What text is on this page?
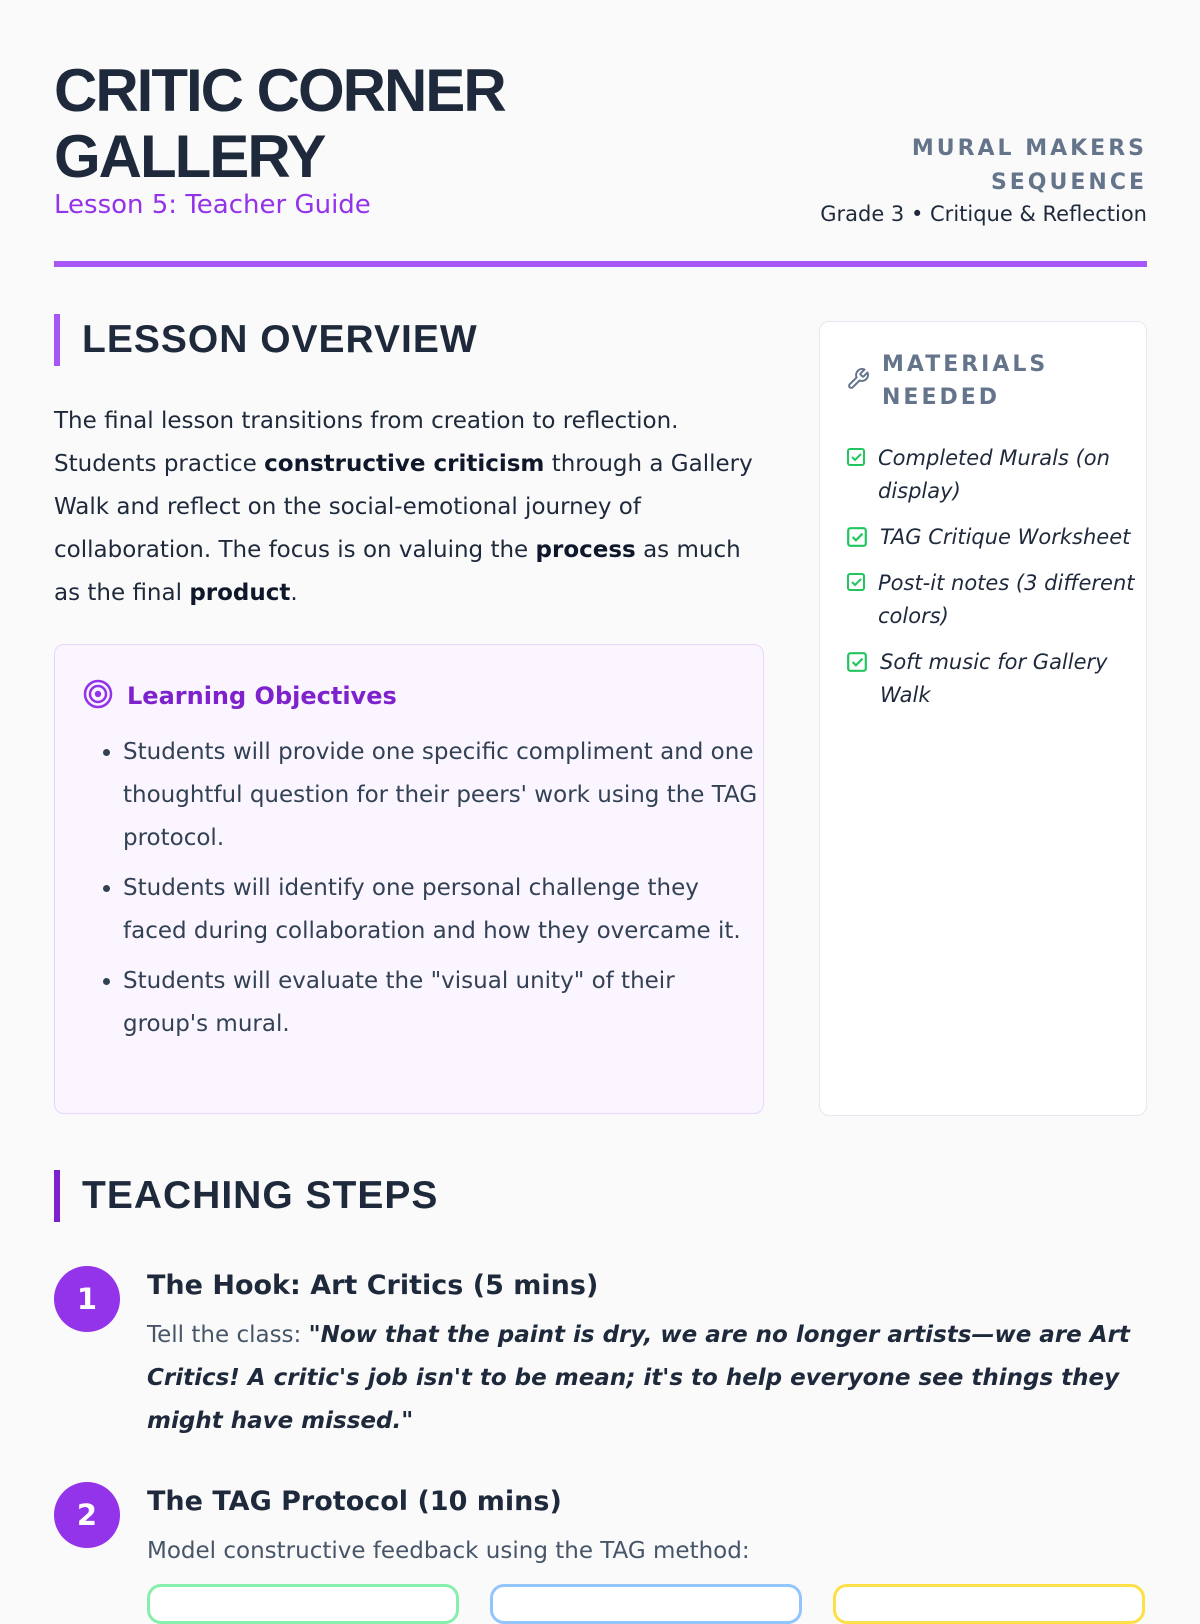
CRITIC CORNER
GALLERY
Lesson 5: Teacher Guide
MURAL MAKERS
SEQUENCE
Grade 3 • Critique & Reflection
LESSON OVERVIEW

The final lesson transitions from creation to reflection. Students practice constructive criticism through a Gallery Walk and reflect on the social-emotional journey of collaboration. The focus is on valuing the process as much as the final product.

Learning Objectives
• Students will provide one specific compliment and one thoughtful question for their peers' work using the TAG protocol.
• Students will identify one personal challenge they faced during collaboration and how they overcame it.
• Students will evaluate the "visual unity" of their group's mural.
MATERIALS NEEDED
Completed Murals (on display)
TAG Critique Worksheet
Post-it notes (3 different colors)
Soft music for Gallery Walk
TEACHING STEPS
1	The Hook: Art Critics (5 mins)

Tell the class: "Now that the paint is dry, we are no longer artists—we are Art Critics! A critic's job isn't to be mean; it's to help everyone see things they might have missed."

2	The TAG Protocol (10 mins)

Model constructive feedback using the TAG method:
